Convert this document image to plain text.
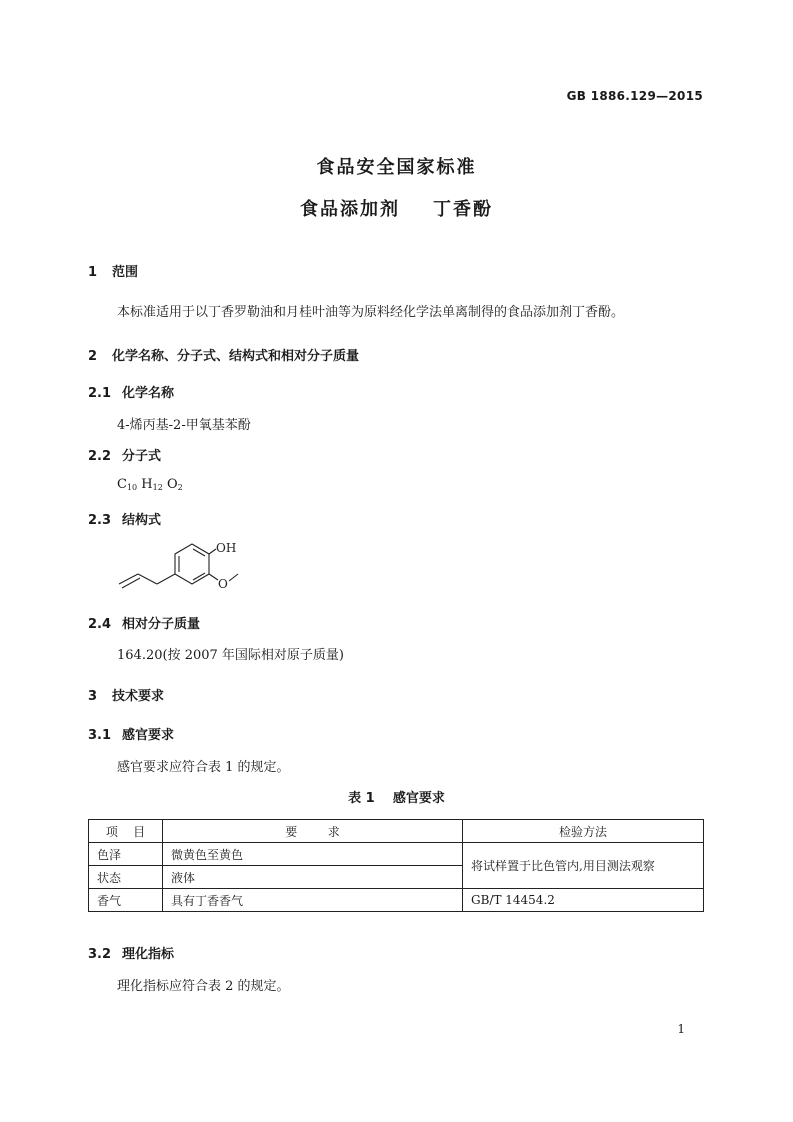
GB 1886.129—2015
食品安全国家标准
食品添加剂    丁香酚
1 范围
本标准适用于以丁香罗勒油和月桂叶油等为原料经化学法单离制得的食品添加剂丁香酚。
2 化学名称、分子式、结构式和相对分子质量
2.1 化学名称
4-烯丙基-2-甲氧基苯酚
2.2 分子式
$C_{10}$ $H_{12}$ $O_2$
2.3 结构式
OH
O
2.4 相对分子质量
164.20(按 2007 年国际相对原子质量)
3 技术要求
3.1 感官要求
感官要求应符合表 1 的规定。
表 1    感官要求
项    目	要        求	检验方法
色泽	微黄色至黄色	将试样置于比色管内,用目测法观察
状态	液体	
香气	具有丁香香气	GB/T 14454.2
3.2 理化指标
理化指标应符合表 2 的规定。
1
